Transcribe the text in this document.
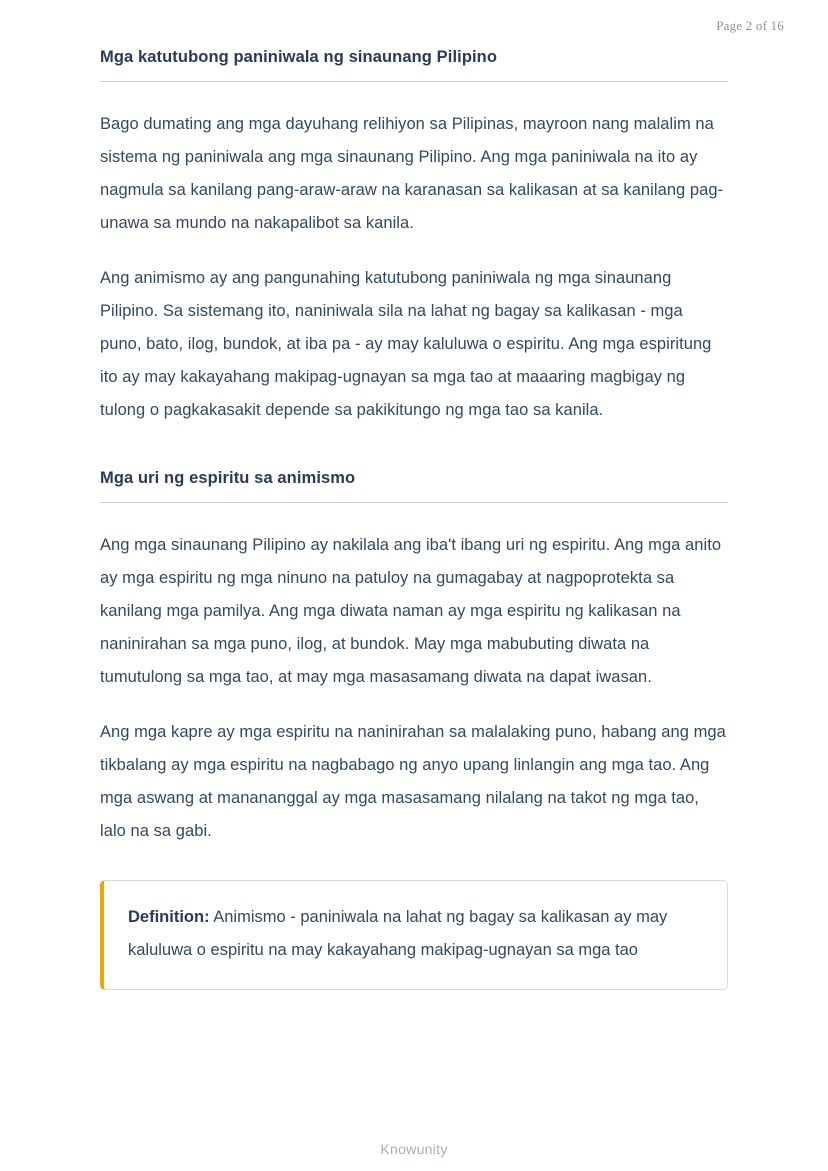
Page 2 of 16
Mga katutubong paniniwala ng sinaunang Pilipino

Bago dumating ang mga dayuhang relihiyon sa Pilipinas, mayroon nang malalim na sistema ng paniniwala ang mga sinaunang Pilipino. Ang mga paniniwala na ito ay nagmula sa kanilang pang-araw-araw na karanasan sa kalikasan at sa kanilang pag-unawa sa mundo na nakapalibot sa kanila.

Ang animismo ay ang pangunahing katutubong paniniwala ng mga sinaunang Pilipino. Sa sistemang ito, naniniwala sila na lahat ng bagay sa kalikasan - mga puno, bato, ilog, bundok, at iba pa - ay may kaluluwa o espiritu. Ang mga espiritung ito ay may kakayahang makipag-ugnayan sa mga tao at maaaring magbigay ng tulong o pagkakasakit depende sa pakikitungo ng mga tao sa kanila.

Mga uri ng espiritu sa animismo

Ang mga sinaunang Pilipino ay nakilala ang iba't ibang uri ng espiritu. Ang mga anito ay mga espiritu ng mga ninuno na patuloy na gumagabay at nagpoprotekta sa kanilang mga pamilya. Ang mga diwata naman ay mga espiritu ng kalikasan na naninirahan sa mga puno, ilog, at bundok. May mga mabubuting diwata na tumutulong sa mga tao, at may mga masasamang diwata na dapat iwasan.

Ang mga kapre ay mga espiritu na naninirahan sa malalaking puno, habang ang mga tikbalang ay mga espiritu na nagbabago ng anyo upang linlangin ang mga tao. Ang mga aswang at manananggal ay mga masasamang nilalang na takot ng mga tao, lalo na sa gabi.

Definition: Animismo - paniniwala na lahat ng bagay sa kalikasan ay may kaluluwa o espiritu na may kakayahang makipag-ugnayan sa mga tao

Knowunity
